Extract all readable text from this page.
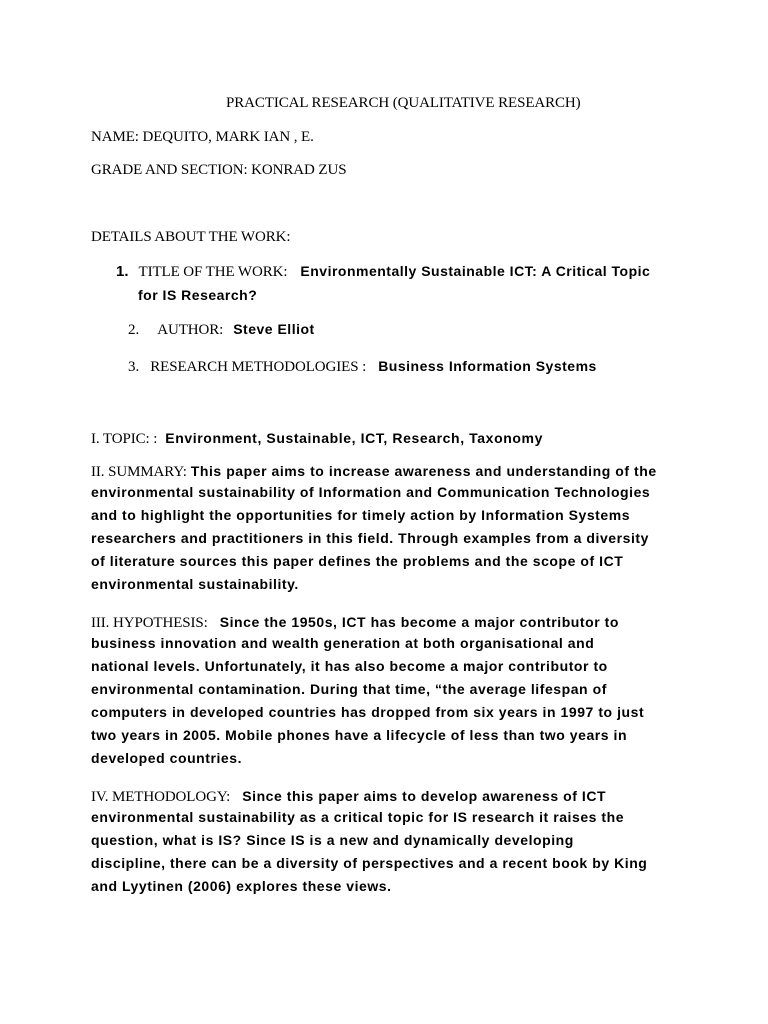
PRACTICAL RESEARCH (QUALITATIVE RESEARCH)
NAME: DEQUITO, MARK IAN , E.
GRADE AND SECTION: KONRAD ZUS
DETAILS ABOUT THE WORK:
1. TITLE OF THE WORK: Environmentally Sustainable ICT: A Critical Topic
for IS Research?
2. AUTHOR: Steve Elliot
3. RESEARCH METHODOLOGIES : Business Information Systems
I. TOPIC: : Environment, Sustainable, ICT, Research, Taxonomy
II. SUMMARY: This paper aims to increase awareness and understanding of the
environmental sustainability of Information and Communication Technologies
and to highlight the opportunities for timely action by Information Systems
researchers and practitioners in this field. Through examples from a diversity
of literature sources this paper defines the problems and the scope of ICT
environmental sustainability.
III. HYPOTHESIS: Since the 1950s, ICT has become a major contributor to
business innovation and wealth generation at both organisational and
national levels. Unfortunately, it has also become a major contributor to
environmental contamination. During that time, “the average lifespan of
computers in developed countries has dropped from six years in 1997 to just
two years in 2005. Mobile phones have a lifecycle of less than two years in
developed countries.
IV. METHODOLOGY: Since this paper aims to develop awareness of ICT
environmental sustainability as a critical topic for IS research it raises the
question, what is IS? Since IS is a new and dynamically developing
discipline, there can be a diversity of perspectives and a recent book by King
and Lyytinen (2006) explores these views.
